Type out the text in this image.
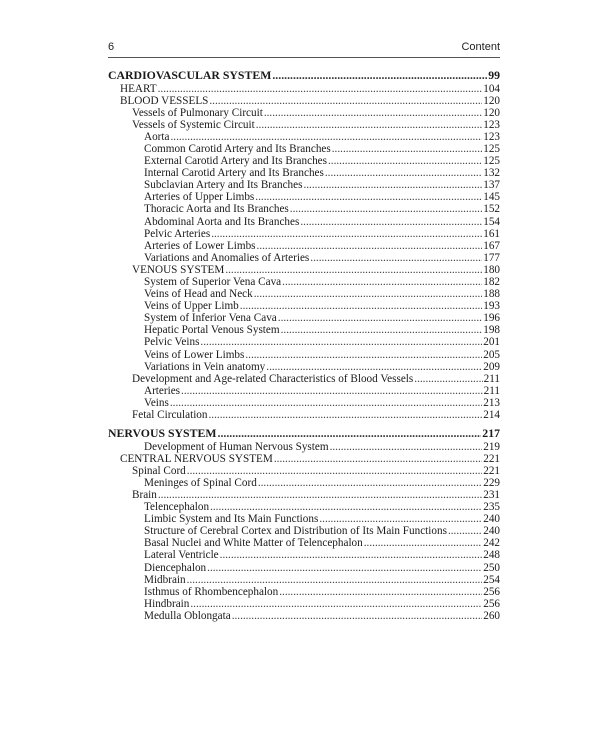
6	Content
CARDIOVASCULAR SYSTEM .....	99
HEART .....	104
BLOOD VESSELS .....	120
Vessels of Pulmonary Circuit .....	120
Vessels of Systemic Circuit .....	123
Aorta .....	123
Common Carotid Artery and Its Branches .....	125
External Carotid Artery and Its Branches .....	125
Internal Carotid Artery and Its Branches .....	132
Subclavian Artery and Its Branches .....	137
Arteries of Upper Limbs .....	145
Thoracic Aorta and Its Branches .....	152
Abdominal Aorta and Its Branches .....	154
Pelvic Arteries .....	161
Arteries of Lower Limbs .....	167
Variations and Anomalies of Arteries .....	177
VENOUS SYSTEM .....	180
System of Superior Vena Cava .....	182
Veins of Head and Neck .....	188
Veins of Upper Limb .....	193
System of Inferior Vena Cava .....	196
Hepatic Portal Venous System .....	198
Pelvic Veins .....	201
Veins of Lower Limbs .....	205
Variations in Vein anatomy .....	209
Development and Age-related Characteristics of Blood Vessels .....	211
Arteries .....	211
Veins .....	213
Fetal Circulation .....	214
NERVOUS SYSTEM .....	217
Development of Human Nervous System .....	219
CENTRAL NERVOUS SYSTEM .....	221
Spinal Cord .....	221
Meninges of Spinal Cord .....	229
Brain .....	231
Telencephalon .....	235
Limbic System and Its Main Functions .....	240
Structure of Cerebral Cortex and Distribution of Its Main Functions .....	240
Basal Nuclei and White Matter of Telencephalon .....	242
Lateral Ventricle .....	248
Diencephalon .....	250
Midbrain .....	254
Isthmus of Rhombencephalon .....	256
Hindbrain .....	256
Medulla Oblongata .....	260
